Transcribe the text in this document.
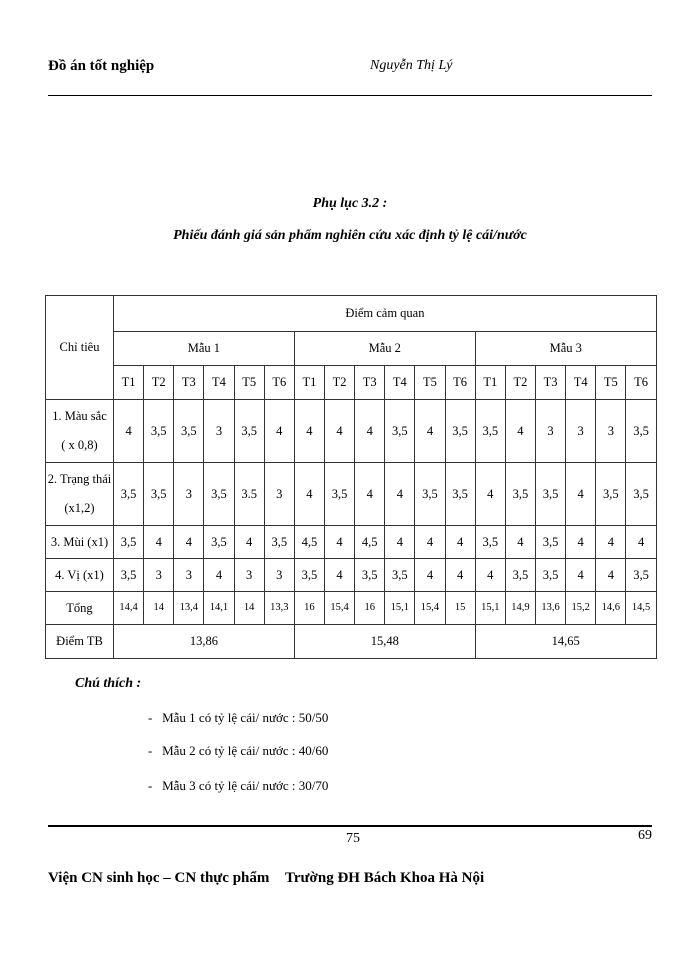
Đồ án tốt nghiệp	Nguyễn Thị Lý
Phụ lục 3.2 :
Phiếu đánh giá sản phẩm nghiên cứu xác định tỷ lệ cái/nước
Chỉ tiêu	Điểm cảm quan																	
	Mẫu 1						Mẫu 2						Mẫu 3					
	T1	T2	T3	T4	T5	T6	T1	T2	T3	T4	T5	T6	T1	T2	T3	T4	T5	T6
1. Màu sắc

( x 0,8)	4	3,5	3,5	3	3,5	4	4	4	4	3,5	4	3,5	3,5	4	3	3	3	3,5
2. Trạng thái

(x1,2)	3,5	3,5	3	3,5	3.5	3	4	3,5	4	4	3,5	3,5	4	3,5	3,5	4	3,5	3,5
3. Mùi (x1)	3,5	4	4	3,5	4	3,5	4,5	4	4,5	4	4	4	3,5	4	3,5	4	4	4
4. Vị (x1)	3,5	3	3	4	3	3	3,5	4	3,5	3,5	4	4	4	3,5	3,5	4	4	3,5
Tổng	14,4	14	13,4	14,1	14	13,3	16	15,4	16	15,1	15,4	15	15,1	14,9	13,6	15,2	14,6	14,5
Điểm TB	13,86						15,48						14,65					
Chú thích :
-   Mẫu 1 có tỷ lệ cái/ nước : 50/50
-   Mẫu 2 có tỷ lệ cái/ nước : 40/60
-   Mẫu 3 có tỷ lệ cái/ nước : 30/70
75	69
Viện CN sinh học – CN thực phẩm Trường ĐH Bách Khoa Hà Nội
